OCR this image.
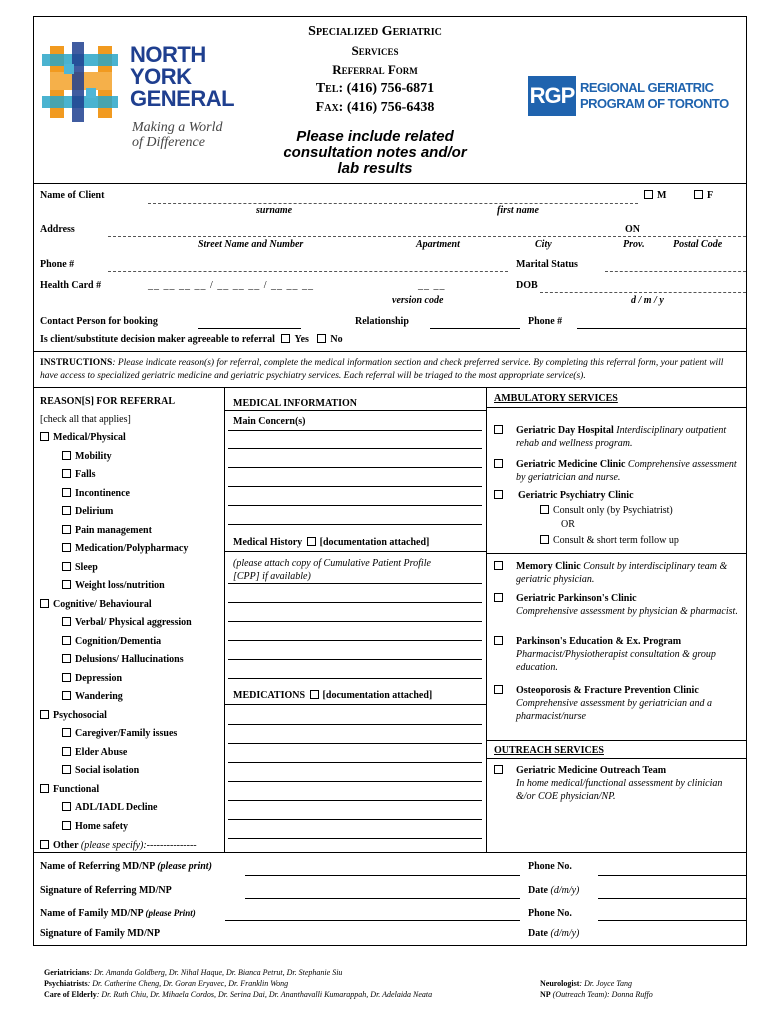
NORTH
YORK
GENERAL
Making a World
of Difference
Specialized Geriatric
Services
Referral Form
Tel: (416) 756-6871
Fax: (416) 756-6438
Please include related
consultation notes and/or
lab results
RGP REGIONAL GERIATRIC
PROGRAM OF TORONTO
Name of Client	M	F
surname	first name
Address	ON
Street Name and Number	Apartment	City	Prov.	Postal Code
Phone #	Marital Status
Health Card #	__ __ __ __ / __ __ __ / __ __ __	__ __
version code
DOB
d / m / y
Contact Person for booking	Relationship	Phone #
Is client/substitute decision maker agreeable to referral Yes No
INSTRUCTIONS: Please indicate reason(s) for referral, complete the medical information section and check preferred service. By completing this referral form, your patient will have access to specialized geriatric medicine and geriatric psychiatry services. Each referral will be triaged to the most appropriate service(s).
REASON[S] FOR REFERRAL
[check all that applies]
Medical/Physical
Mobility
Falls
Incontinence
Delirium
Pain management
Medication/Polypharmacy
Sleep
Weight loss/nutrition
Cognitive/ Behavioural
Verbal/ Physical aggression
Cognition/Dementia
Delusions/ Hallucinations
Depression
Wandering
Psychosocial
Caregiver/Family issues
Elder Abuse
Social isolation
Functional
ADL/IADL Decline
Home safety
Other (please specify):---------------
MEDICAL INFORMATION
Main Concern(s)
Medical History [documentation attached]
(please attach copy of Cumulative Patient Profile [CPP] if available)
MEDICATIONS [documentation attached]
AMBULATORY SERVICES
Geriatric Day Hospital Interdisciplinary outpatient rehab and wellness program.
Geriatric Medicine Clinic Comprehensive assessment by geriatrician and nurse.
Geriatric Psychiatry Clinic
Consult only (by Psychiatrist)
OR
Consult & short term follow up
Memory Clinic Consult by interdisciplinary team & geriatric physician.
Geriatric Parkinson's Clinic
Comprehensive assessment by physician & pharmacist.
Parkinson's Education & Ex. Program
Pharmacist/Physiotherapist consultation & group education.
Osteoporosis & Fracture Prevention Clinic
Comprehensive assessment by geriatrician and a pharmacist/nurse
OUTREACH SERVICES
Geriatric Medicine Outreach Team
In home medical/functional assessment by clinician &/or COE physician/NP.
Name of Referring MD/NP (please print)	Phone No.
Signature of Referring MD/NP	Date (d/m/y)
Name of Family MD/NP (please Print)	Phone No.
Signature of Family MD/NP	Date (d/m/y)
Geriatricians: Dr. Amanda Goldberg, Dr. Nihal Haque, Dr. Bianca Petrut, Dr. Stephanie Siu
Psychiatrists: Dr. Catherine Cheng, Dr. Goran Eryavec, Dr. Franklin Wong
Care of Elderly: Dr. Ruth Chiu, Dr. Mihaela Cordos, Dr. Serina Dai, Dr. Ananthavalli Kumarappah, Dr. Adelaida Neata
Neurologist: Dr. Joyce Tang
NP (Outreach Team): Donna Ruffo
